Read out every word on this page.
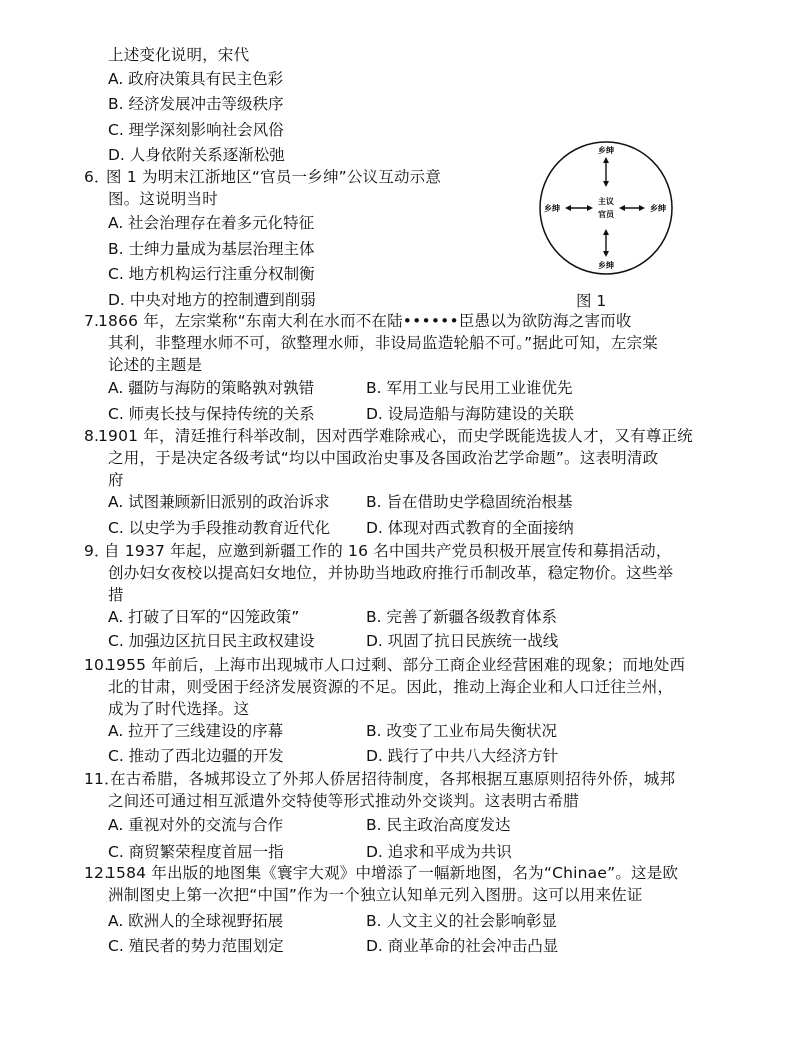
上述变化说明，宋代
A. 政府决策具有民主色彩
B. 经济发展冲击等级秩序
C. 理学深刻影响社会风俗
D. 人身依附关系逐渐松弛
6．
图 1 为明末江浙地区“官员一乡绅”公议互动示意
图。这说明当时
A. 社会治理存在着多元化特征
B. 士绅力量成为基层治理主体
C. 地方机构运行注重分权制衡
D. 中央对地方的控制遭到削弱
乡绅
乡绅	乡绅
乡绅
主议
官员
图 1
7.
1866 年，左宗棠称“东南大利在水而不在陆••••••臣愚以为欲防海之害而收
其利，非整理水师不可，欲整理水师，非设局监造轮船不可。”据此可知，左宗棠
论述的主题是
A. 疆防与海防的策略孰对孰错	B. 军用工业与民用工业谁优先
C. 师夷长技与保持传统的关系	D. 设局造船与海防建设的关联
8.
1901 年，清廷推行科举改制，因对西学难除戒心，而史学既能选拔人才，又有尊正统
之用，于是决定各级考试“均以中国政治史事及各国政治艺学命题”。这表明清政
府
A. 试图兼顾新旧派别的政治诉求 B. 旨在借助史学稳固统治根基
C. 以史学为手段推动教育近代化 D. 体现对西式教育的全面接纳
9．
自 1937 年起，应邀到新疆工作的 16 名中国共产党员积极开展宣传和募捐活动，
创办妇女夜校以提高妇女地位，并协助当地政府推行币制改革，稳定物价。这些举
措
A. 打破了日军的“囚笼政策”	B. 完善了新疆各级教育体系
C. 加强边区抗日民主政权建设	D. 巩固了抗日民族统一战线
10.
1955 年前后，上海市出现城市人口过剩、部分工商企业经营困难的现象；而地处西
北的甘肃，则受困于经济发展资源的不足。因此，推动上海企业和人口迁往兰州，
成为了时代选择。这
A. 拉开了三线建设的序幕	B. 改变了工业布局失衡状况
C. 推动了西北边疆的开发	D. 践行了中共八大经济方针
11．
在古希腊，各城邦设立了外邦人侨居招待制度，各邦根据互惠原则招待外侨，城邦
之间还可通过相互派遣外交特使等形式推动外交谈判。这表明古希腊
A. 重视对外的交流与合作	B. 民主政治高度发达
C. 商贸繁荣程度首屈一指	D. 追求和平成为共识
12.
1584 年出版的地图集《寰宇大观》中增添了一幅新地图，名为“Chinae”。这是欧
洲制图史上第一次把“中国”作为一个独立认知单元列入图册。这可以用来佐证
A. 欧洲人的全球视野拓展	B. 人文主义的社会影响彰显
C. 殖民者的势力范围划定	D. 商业革命的社会冲击凸显
